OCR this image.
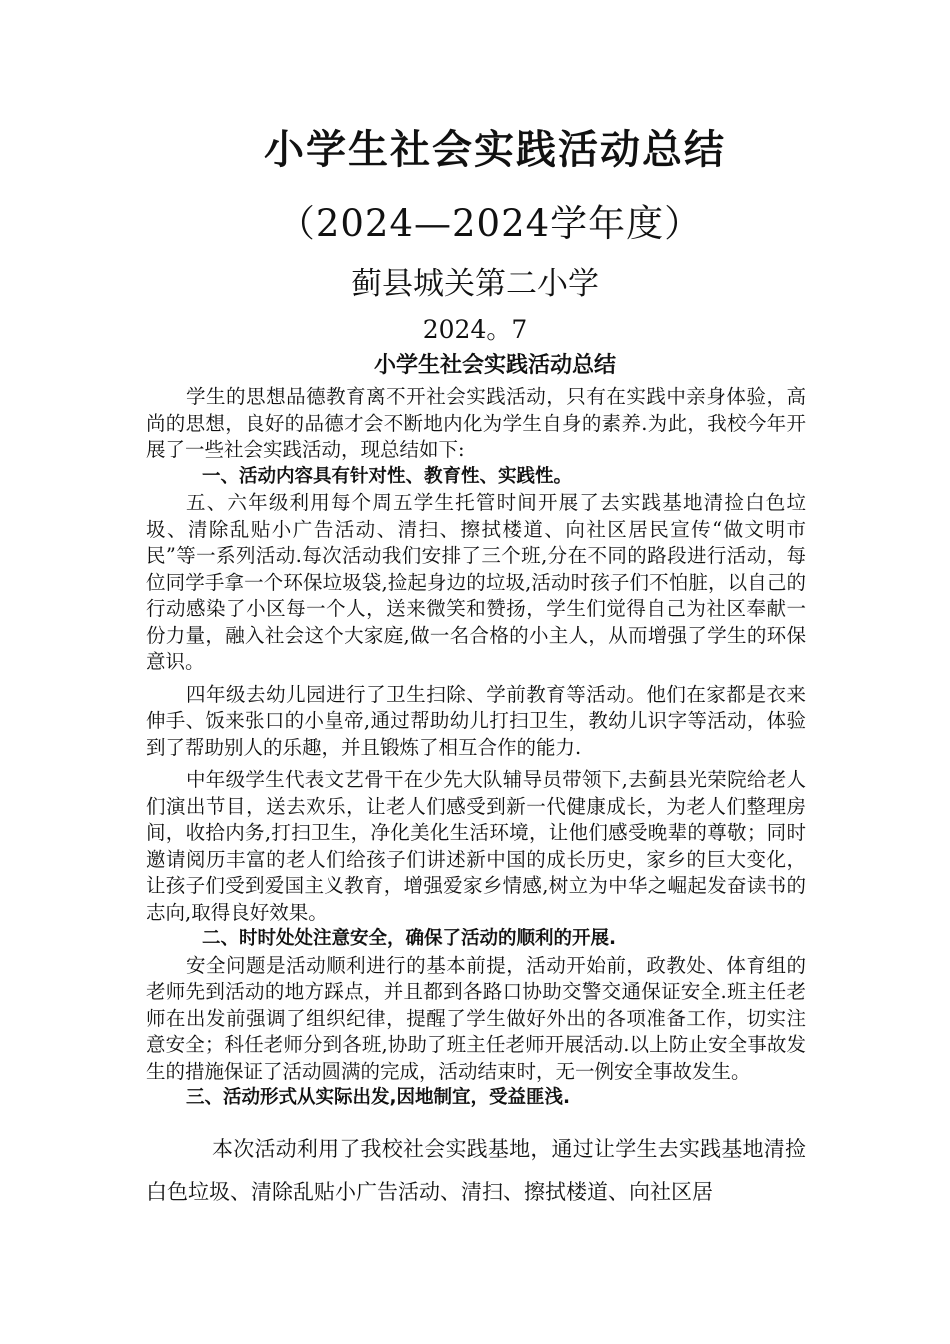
小学生社会实践活动总结
（2024—2024学年度）
蓟县城关第二小学
2024。7
小学生社会实践活动总结

学生的思想品德教育离不开社会实践活动，只有在实践中亲身体验，高尚的思想，良好的品德才会不断地内化为学生自身的素养.为此，我校今年开展了一些社会实践活动，现总结如下:

一、活动内容具有针对性、教育性、实践性。

五、六年级利用每个周五学生托管时间开展了去实践基地清捡白色垃圾、清除乱贴小广告活动、清扫、擦拭楼道、向社区居民宣传“做文明市民”等一系列活动.每次活动我们安排了三个班,分在不同的路段进行活动，每位同学手拿一个环保垃圾袋,捡起身边的垃圾,活动时孩子们不怕脏，以自己的行动感染了小区每一个人，送来微笑和赞扬，学生们觉得自己为社区奉献一份力量，融入社会这个大家庭,做一名合格的小主人，从而增强了学生的环保意识。

四年级去幼儿园进行了卫生扫除、学前教育等活动。他们在家都是衣来伸手、饭来张口的小皇帝,通过帮助幼儿打扫卫生，教幼儿识字等活动，体验到了帮助别人的乐趣，并且锻炼了相互合作的能力.

中年级学生代表文艺骨干在少先大队辅导员带领下,去蓟县光荣院给老人们演出节目，送去欢乐，让老人们感受到新一代健康成长，为老人们整理房间，收拾内务,打扫卫生，净化美化生活环境，让他们感受晚辈的尊敬；同时邀请阅历丰富的老人们给孩子们讲述新中国的成长历史，家乡的巨大变化，让孩子们受到爱国主义教育，增强爱家乡情感,树立为中华之崛起发奋读书的志向,取得良好效果。

二、时时处处注意安全，确保了活动的顺利的开展.

安全问题是活动顺利进行的基本前提，活动开始前，政教处、体育组的老师先到活动的地方踩点，并且都到各路口协助交警交通保证安全.班主任老师在出发前强调了组织纪律，提醒了学生做好外出的各项准备工作，切实注意安全；科任老师分到各班,协助了班主任老师开展活动.以上防止安全事故发生的措施保证了活动圆满的完成，活动结束时，无一例安全事故发生。

三、活动形式从实际出发,因地制宜，受益匪浅.

本次活动利用了我校社会实践基地，通过让学生去实践基地清捡白色垃圾、清除乱贴小广告活动、清扫、擦拭楼道、向社区居
